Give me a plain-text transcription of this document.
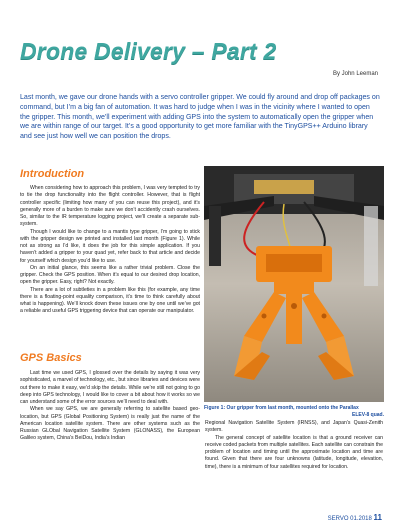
Drone Delivery – Part 2
By John Leeman
Last month, we gave our drone hands with a servo controller gripper. We could fly around and drop off packages on command, but I’m a big fan of automation. It was hard to judge when I was in the vicinity where I wanted to open the gripper. This month, we’ll experiment with adding GPS into the system to automatically open the gripper when we are within range of our target. It’s a good opportunity to get more familiar with the TinyGPS++ Arduino library and see just how well we can position the drops.
Introduction

When considering how to approach this problem, I was very tempted to try to tie the drop functionality into the flight controller. However, that is flight controller specific (limiting how many of you can reuse this project), and it’s generally more of a burden to make sure we don’t accidently crash ourselves. So, similar to the IR temperature logging project, we’ll create a separate sub-system.

Though I would like to change to a mantis type gripper, I’m going to stick with the gripper design we printed and installed last month (Figure 1). While not as strong as I’d like, it does the job for this simple application. If you haven’t added a gripper to your quad yet, refer back to that article and decide for yourself which design you’d like to use.

On an initial glance, this seems like a rather trivial problem. Close the gripper. Check the GPS position. When it’s equal to our desired drop location, open the gripper. Easy, right? Not exactly.

There are a lot of subtleties in a problem like this (for example, any time there is a floating-point equality comparison, it’s time to think carefully about what is happening). We’ll knock down these issues one by one until we’ve got a reliable and useful GPS triggering device that can operate our manipulator.

GPS Basics

Last time we used GPS, I glossed over the details by saying it was very sophisticated, a marvel of technology, etc., but since libraries and devices were out there to make it easy, we’d skip the details. While we’re still not going to go deep into GPS technology, I would like to cover a bit about how it works so we can understand some of the error sources we’ll need to deal with.

When we say GPS, we are generally referring to satellite based geo-location, but GPS (Global Positioning System) is really just the name of the American location satellite system. There are other systems such as the Russian GLObal Navigation Satellite System (GLONASS), the European Galileo system, China’s BeiDou, India’s Indian

Figure 1: Our gripper from last month, mounted onto the Parallax
ELEV-8 quad.

Regional Navigation Satellite System (IRNSS), and Japan’s Quasi-Zenith system.

The general concept of satellite location is that a ground receiver can receive coded packets from multiple satellites. Each satellite can constrain the problem of location and timing until the approximate location and time are found. Given that there are four unknowns (latitude, longitude, elevation, time), there is a minimum of four satellites required for location.

SERVO 01.2018 11
